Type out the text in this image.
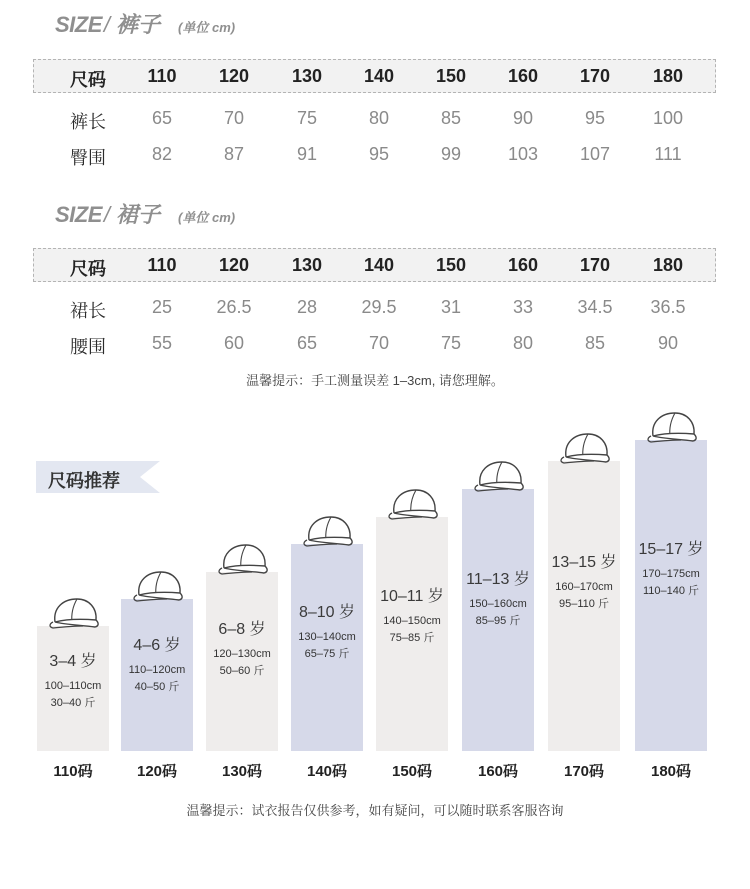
SIZE/ 裤子 (单位 cm)
尺码	110	120	130	140	150	160	170	180
裤长	65	70	75	80	85	90	95	100
臀围	82	87	91	95	99	103	107	111
SIZE/ 裙子 (单位 cm)
尺码	110	120	130	140	150	160	170	180
裙长	25	26.5	28	29.5	31	33	34.5	36.5
腰围	55	60	65	70	75	80	85	90
温馨提示：手工测量误差 1–3cm, 请您理解。
尺码推荐
3–4 岁
100–110cm
30–40 斤
110码
4–6 岁
110–120cm
40–50 斤
120码
6–8 岁
120–130cm
50–60 斤
130码
8–10 岁
130–140cm
65–75 斤
140码
10–11 岁
140–150cm
75–85 斤
150码
11–13 岁
150–160cm
85–95 斤
160码
13–15 岁
160–170cm
95–110 斤
170码
15–17 岁
170–175cm
110–140 斤
180码
温馨提示：试衣报告仅供参考，如有疑问，可以随时联系客服咨询
